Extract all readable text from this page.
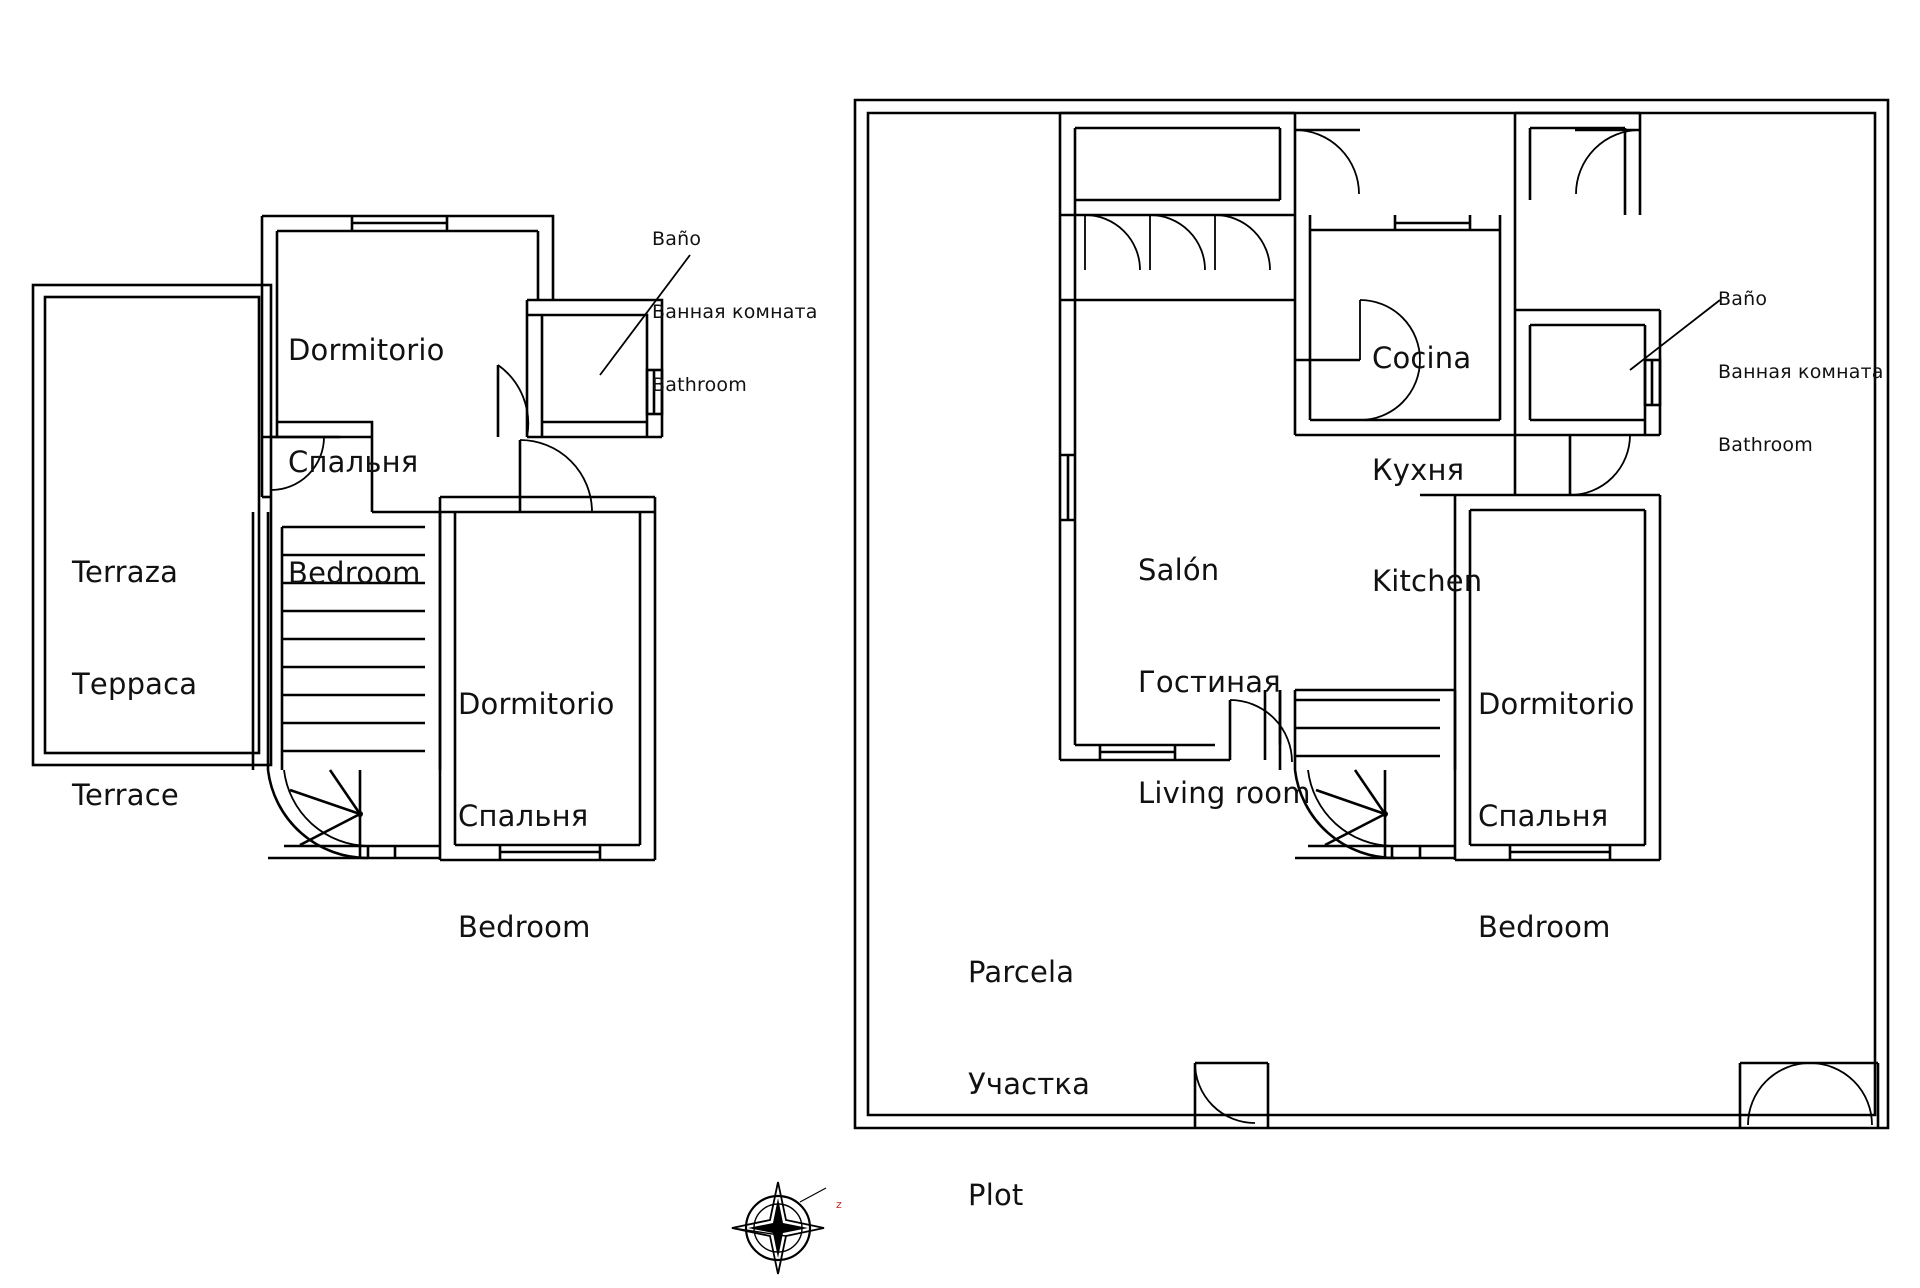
z

Dormitorio

Спальня

Bedroom

Baño

Ванная комната

Bathroom

Terraza

Терраса

Terrace

Dormitorio

Спальня

Bedroom

Cocina

Кухня

Kitchen

Baño

Ванная комната

Bathroom

Salón

Гостиная

Living room

Dormitorio

Спальня

Bedroom

Parcela

Участка

Plot
